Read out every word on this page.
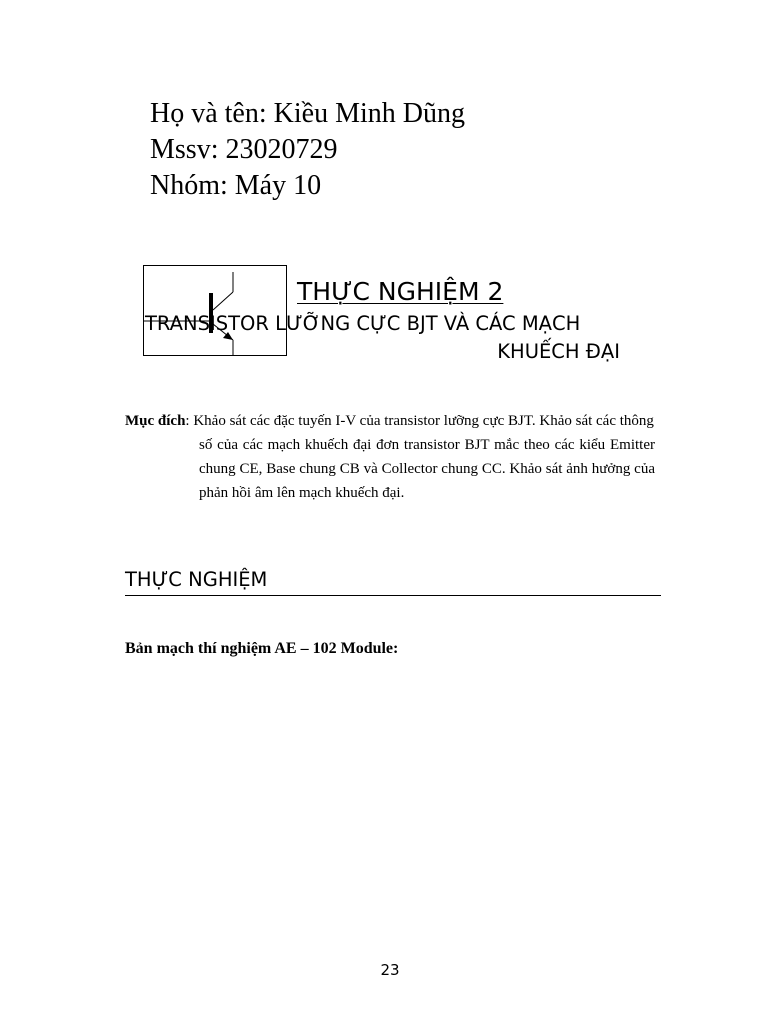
Họ và tên: Kiều Minh Dũng
Mssv: 23020729
Nhóm: Máy 10
THỰC NGHIỆM 2
TRANSISTOR LƯỠNG CỰC BJT VÀ CÁC MẠCH
KHUẾCH ĐẠI
Mục đích: Khảo sát các đặc tuyến I-V của transistor lưỡng cực BJT. Khảo sát các thông
số của các mạch khuếch đại đơn transistor BJT mắc theo các kiểu Emitter chung CE, Base chung CB và Collector chung CC. Khảo sát ảnh hưởng của phản hồi âm lên mạch khuếch đại.
THỰC NGHIỆM
Bản mạch thí nghiệm AE – 102 Module:
23
